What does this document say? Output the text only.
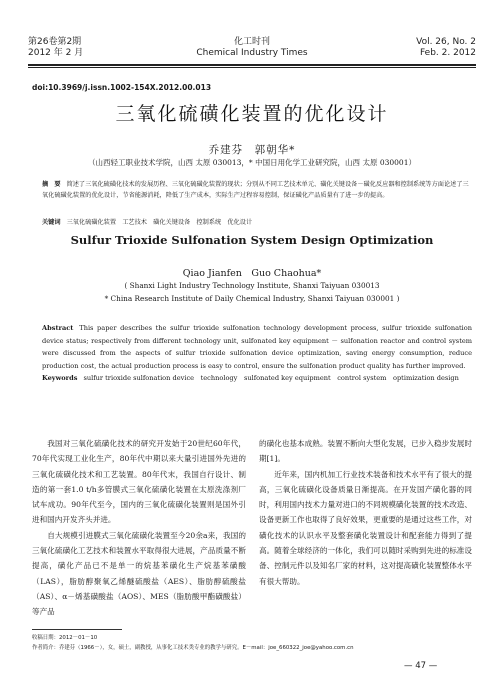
第26卷第2期
2012 年 2 月
化工时刊
Chemical Industry Times
Vol. 26, No. 2
Feb. 2. 2012
doi:10.3969/j.issn.1002-154X.2012.00.013
三氧化硫磺化装置的优化设计
乔建芬　郭朝华*
（山西轻工职业技术学院，山西 太原 030013，* 中国日用化学工业研究院，山西 太原 030001）
摘　要 简述了三氧化硫磺化技术的发展历程、三氧化硫磺化装置的现状；分别从不同工艺技术单元、磺化关键设备－磺化反应器和控制系统等方面论述了三氧化硫磺化装置的优化设计，节省能源消耗，降低了生产成本，实际生产过程容易控制，保证磺化产品质量有了进一步的提高。
关键词 三氧化硫磺化装置　工艺技术　磺化关键设备　控制系统　优化设计
Sulfur Trioxide Sulfonation System Design Optimization
Qiao Jianfen　Guo Chaohua*
( Shanxi Light Industry Technology Institute, Shanxi Taiyuan 030013
* China Research Institute of Daily Chemical Industry, Shanxi Taiyuan 030001 )
Abstract This paper describes the sulfur trioxide sulfonation technology development process, sulfur trioxide sulfonation device status; respectively from different technology unit, sulfonated key equipment － sulfonation reactor and control system were discussed from the aspects of sulfur trioxide sulfonation device optimization, saving energy consumption, reduce production cost, the actual production process is easy to control, ensure the sulfonation product quality has further improved.
Keywords sulfur trioxide sulfonation device　technology　sulfonated key equipment　control system　optimization design

我国对三氧化硫磺化技术的研究开发始于20世纪60年代，70年代实现工业化生产，80年代中期以来大量引进国外先进的三氧化硫磺化技术和工艺装置。80年代末，我国自行设计、制造的第一套1.0 t/h多管膜式三氧化硫磺化装置在太原洗涤剂厂试车成功。90年代至今，国内的三氧化硫磺化装置则是国外引进和国内开发齐头并进。

自大规模引进膜式三氧化硫磺化装置至今20余a来，我国的三氧化硫磺化工艺技术和装置水平取得很大进展，产品质量不断提高，磺化产品已不是单一的烷基苯磺化生产烷基苯磺酸（LAS），脂肪醇聚氧乙烯醚硫酸盐（AES）、脂肪醇硫酸盐（AS）、α－烯基磺酸盐（AOS）、MES（脂肪酸甲酯磺酸盐）等产品

的磺化也基本成熟。装置不断向大型化发展，已步入稳步发展时期[1]。

近年来，国内机加工行业技术装备和技术水平有了很大的提高，三氧化硫磺化设备质量日渐提高。在开发国产磺化器的同时，利用国内技术力量对进口的不同规模磺化装置的技术改造、设备更新工作也取得了良好效果，更重要的是通过这些工作，对磺化技术的认识水平及整套磺化装置设计和配套能力得到了提高。随着全球经济的一体化，我们可以随时采购到先进的标准设备、控制元件以及知名厂家的材料，这对提高磺化装置整体水平有很大帮助。

收稿日期：2012－01－10
作者简介：乔建芬（1966－），女，硕士，副教授，从事化工技术类专业的教学与研究。E－mail：joe_660322_joe@yahoo.com.cn
— 47 —
